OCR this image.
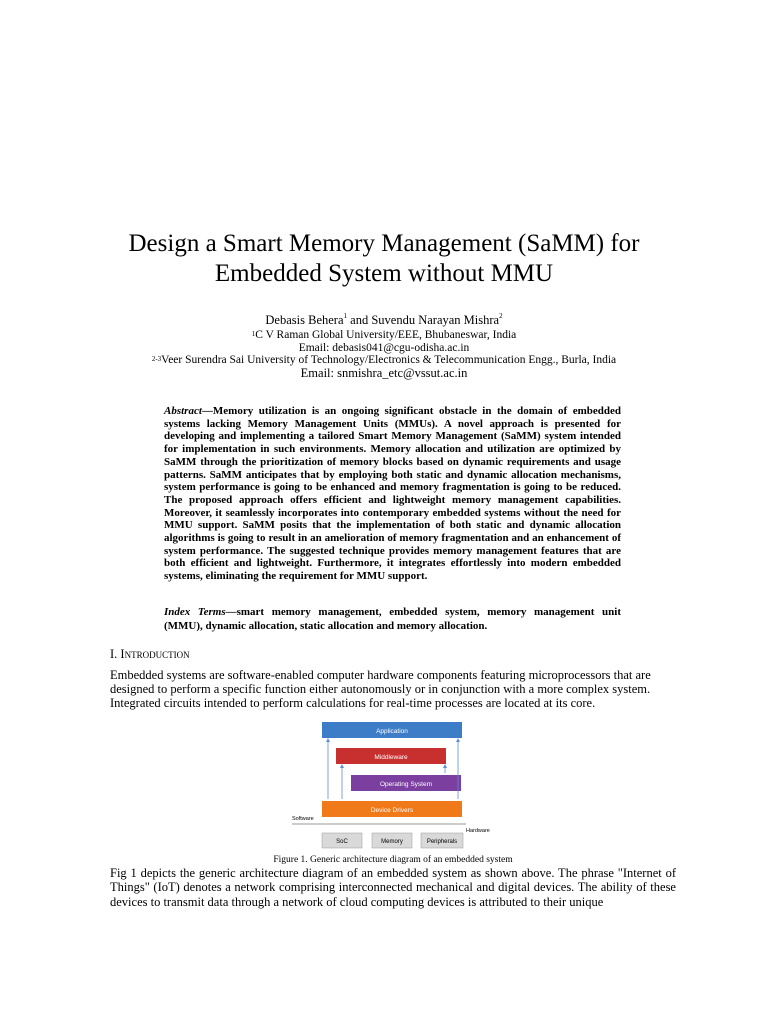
Design a Smart Memory Management (SaMM) for
Embedded System without MMU
Debasis Behera$^1$ and Suvendu Narayan Mishra$^2$
$^1$C V Raman Global University/EEE, Bhubaneswar, India
Email: debasis041@cgu-odisha.ac.in
$^{2-3}$Veer Surendra Sai University of Technology/Electronics & Telecommunication Engg., Burla, India
Email: snmishra_etc@vssut.ac.in

Abstract—Memory utilization is an ongoing significant obstacle in the domain of embedded systems lacking Memory Management Units (MMUs). A novel approach is presented for developing and implementing a tailored Smart Memory Management (SaMM) system intended for implementation in such environments. Memory allocation and utilization are optimized by SaMM through the prioritization of memory blocks based on dynamic requirements and usage patterns. SaMM anticipates that by employing both static and dynamic allocation mechanisms, system performance is going to be enhanced and memory fragmentation is going to be reduced. The proposed approach offers efficient and lightweight memory management capabilities. Moreover, it seamlessly incorporates into contemporary embedded systems without the need for MMU support. SaMM posits that the implementation of both static and dynamic allocation algorithms is going to result in an amelioration of memory fragmentation and an enhancement of system performance. The suggested technique provides memory management features that are both efficient and lightweight. Furthermore, it integrates effortlessly into modern embedded systems, eliminating the requirement for MMU support.

Index Terms—smart memory management, embedded system, memory management unit (MMU), dynamic allocation, static allocation and memory allocation.

I. Introduction

Embedded systems are software-enabled computer hardware components featuring microprocessors that are designed to perform a specific function either autonomously or in conjunction with a more complex system. Integrated circuits intended to perform calculations for real-time processes are located at its core.

Application
Middleware
Operating System
Device Drivers
Software
Hardware
SoC	Memory	Peripherals
Figure 1. Generic architecture diagram of an embedded system

Fig 1 depicts the generic architecture diagram of an embedded system as shown above. The phrase "Internet of Things" (IoT) denotes a network comprising interconnected mechanical and digital devices. The ability of these devices to transmit data through a network of cloud computing devices is attributed to their unique
